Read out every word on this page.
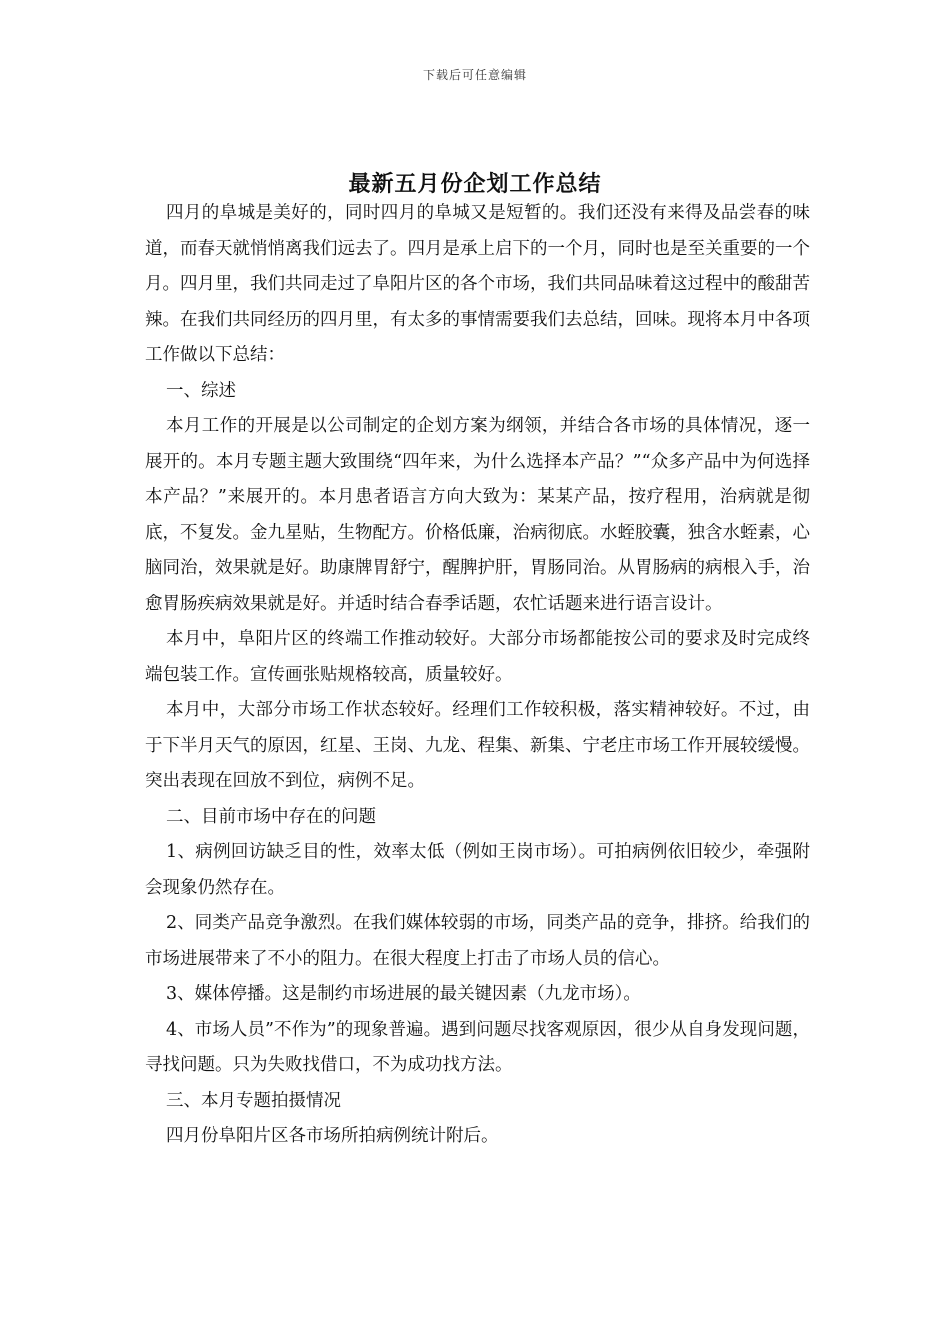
下载后可任意编辑
最新五月份企划工作总结

四月的阜城是美好的，同时四月的阜城又是短暂的。我们还没有来得及品尝春的味道，而春天就悄悄离我们远去了。四月是承上启下的一个月，同时也是至关重要的一个月。四月里，我们共同走过了阜阳片区的各个市场，我们共同品味着这过程中的酸甜苦辣。在我们共同经历的四月里，有太多的事情需要我们去总结，回味。现将本月中各项工作做以下总结：

一、综述

本月工作的开展是以公司制定的企划方案为纲领，并结合各市场的具体情况，逐一展开的。本月专题主题大致围绕“四年来，为什么选择本产品？”“众多产品中为何选择本产品？”来展开的。本月患者语言方向大致为：某某产品，按疗程用，治病就是彻底，不复发。金九星贴，生物配方。价格低廉，治病彻底。水蛭胶囊，独含水蛭素，心脑同治，效果就是好。助康牌胃舒宁，醒脾护肝，胃肠同治。从胃肠病的病根入手，治愈胃肠疾病效果就是好。并适时结合春季话题，农忙话题来进行语言设计。

本月中，阜阳片区的终端工作推动较好。大部分市场都能按公司的要求及时完成终端包装工作。宣传画张贴规格较高，质量较好。

本月中，大部分市场工作状态较好。经理们工作较积极，落实精神较好。不过，由于下半月天气的原因，红星、王岗、九龙、程集、新集、宁老庄市场工作开展较缓慢。突出表现在回放不到位，病例不足。

二、目前市场中存在的问题

1、病例回访缺乏目的性，效率太低（例如王岗市场）。可拍病例依旧较少，牵强附会现象仍然存在。

2、同类产品竞争激烈。在我们媒体较弱的市场，同类产品的竞争，排挤。给我们的市场进展带来了不小的阻力。在很大程度上打击了市场人员的信心。

3、媒体停播。这是制约市场进展的最关键因素（九龙市场）。

4、市场人员”不作为”的现象普遍。遇到问题尽找客观原因，很少从自身发现问题，寻找问题。只为失败找借口，不为成功找方法。

三、本月专题拍摄情况

四月份阜阳片区各市场所拍病例统计附后。
